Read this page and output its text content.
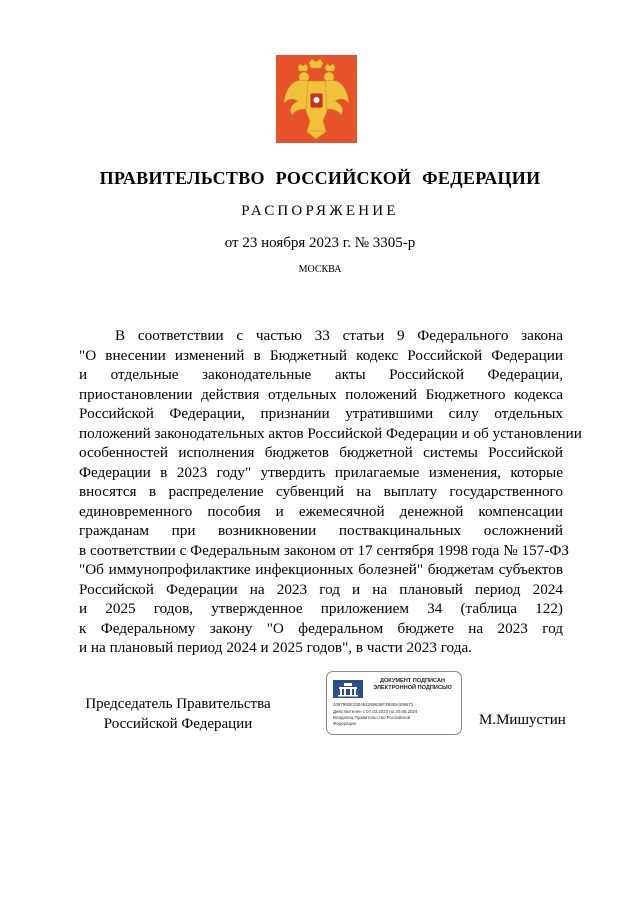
ПРАВИТЕЛЬСТВО РОССИЙСКОЙ ФЕДЕРАЦИИ
РАСПОРЯЖЕНИЕ
от 23 ноября 2023 г. № 3305-р
МОСКВА
В соответствии с частью 33 статьи 9 Федерального закона
"О внесении изменений в Бюджетный кодекс Российской Федерации
и отдельные законодательные акты Российской Федерации,
приостановлении действия отдельных положений Бюджетного кодекса
Российской Федерации, признании утратившими силу отдельных
положений законодательных актов Российской Федерации и об установлении
особенностей исполнения бюджетов бюджетной системы Российской
Федерации в 2023 году" утвердить прилагаемые изменения, которые
вносятся в распределение субвенций на выплату государственного
единовременного пособия и ежемесячной денежной компенсации
гражданам при возникновении поствакцинальных осложнений
в соответствии с Федеральным законом от 17 сентября 1998 года № 157-ФЗ
"Об иммунопрофилактике инфекционных болезней" бюджетам субъектов
Российской Федерации на 2023 год и на плановый период 2024
и 2025 годов, утвержденное приложением 34 (таблица 122)
к Федеральному закону "О федеральном бюджете на 2023 год
и на плановый период 2024 и 2025 годов", в части 2023 года.
Председатель Правительства
Российской Федерации
ДОКУМЕНТ ПОДПИСАН
ЭЛЕКТРОННОЙ ПОДПИСЬЮ
2097950E330454268636F3B4BA308671
Действителен с 07.03.2023 по 30.05.2024
Владелец Правительство Российской
Федерации	М.Мишустин
